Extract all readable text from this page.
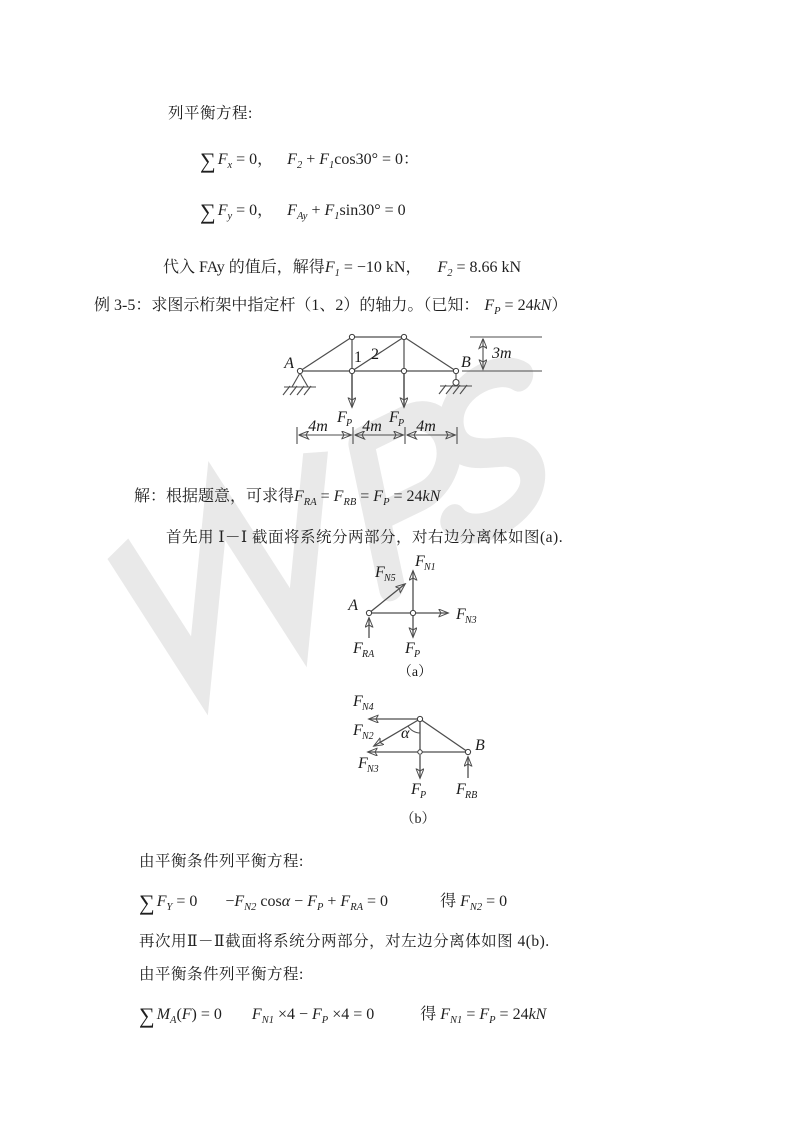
列平衡方程:
∑ $F_x = 0$， $F_2 + F_1\cos 30^\circ = 0$：
∑ $F_y = 0$， $F_{Ay} + F_1\sin 30^\circ = 0$
代入 FAy 的值后，解得$F_1 = -10$ kN， $F_2 = 8.66$ kN
例 3-5：求图示桁架中指定杆（1、2）的轴力。（已知： $F_P = 24kN$）
A	B
1 2	3m
F P F P
4m 4m 4m
解：根据题意，可求得$F_{RA} = F_{RB} = F_P = 24kN$
首先用 Ⅰ－Ⅰ 截面将系统分两部分，对右边分离体如图(a).
A
F N1
F N5
F N3
F RA F P
（a）
F N4
F N2
F N3
α
B
F P F RB
（b）
由平衡条件列平衡方程:
∑ $F_Y = 0 -F_{N2}$ $\cos\alpha - F_P + F_{RA} = 0$	得 $F_{N2} = 0$
再次用Ⅱ－Ⅱ截面将系统分两部分，对左边分离体如图 4(b).
由平衡条件列平衡方程:
∑ $M_A(F) = 0$ $F_{N1} \times 4 - F_P \times 4 = 0$	得 $F_{N1} = F_P = 24kN$
